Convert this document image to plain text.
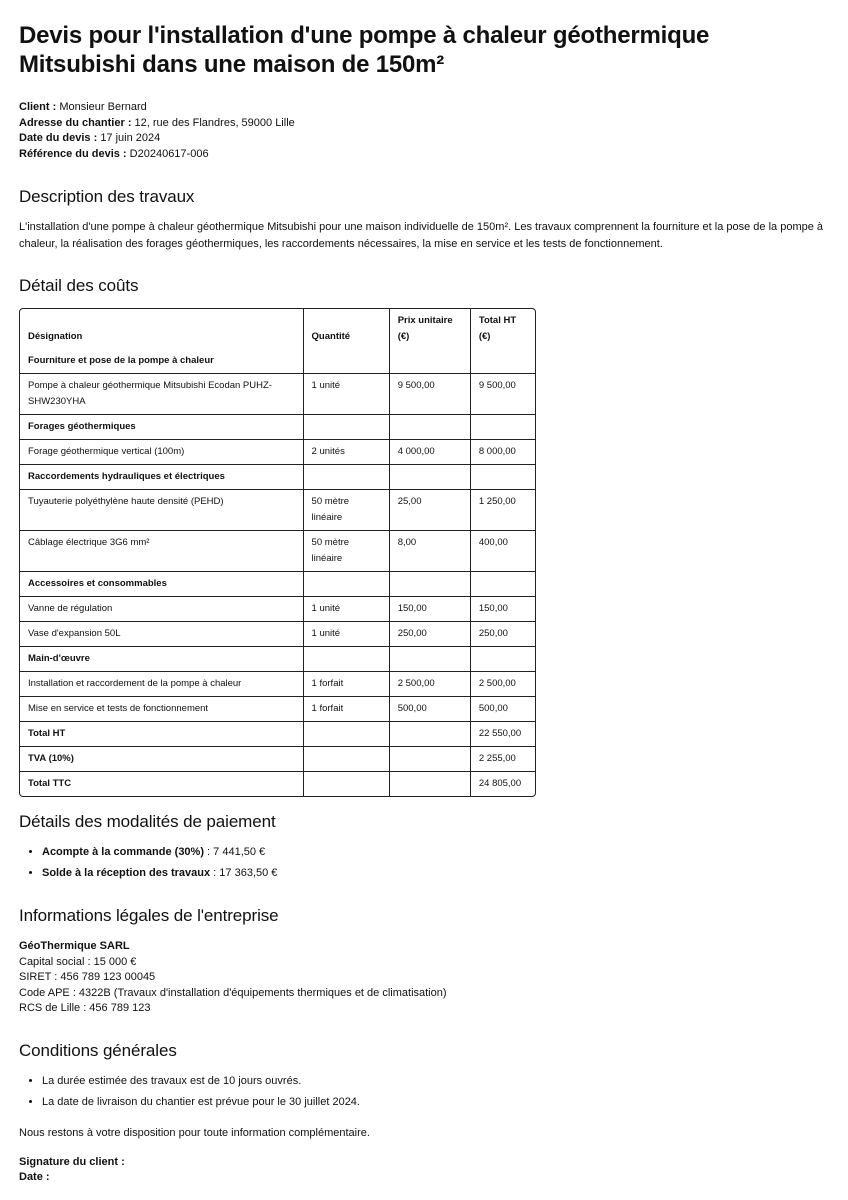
Devis pour l'installation d'une pompe à chaleur géothermique Mitsubishi dans une maison de 150m²
Client : Monsieur Bernard
Adresse du chantier : 12, rue des Flandres, 59000 Lille
Date du devis : 17 juin 2024
Référence du devis : D20240617-006
Description des travaux
L'installation d'une pompe à chaleur géothermique Mitsubishi pour une maison individuelle de 150m². Les travaux comprennent la fourniture et la pose de la pompe à chaleur, la réalisation des forages géothermiques, les raccordements nécessaires, la mise en service et les tests de fonctionnement.
Détail des coûts
Désignation	Quantité	Prix unitaire (€)	Total HT (€)
Fourniture et pose de la pompe à chaleur			
Pompe à chaleur géothermique Mitsubishi Ecodan PUHZ-SHW230YHA	1 unité	9 500,00	9 500,00
Forages géothermiques			
Forage géothermique vertical (100m)	2 unités	4 000,00	8 000,00
Raccordements hydrauliques et électriques			
Tuyauterie polyéthylène haute densité (PEHD)	50 mètre linéaire	25,00	1 250,00
Câblage électrique 3G6 mm²	50 mètre linéaire	8,00	400,00
Accessoires et consommables			
Vanne de régulation	1 unité	150,00	150,00
Vase d'expansion 50L	1 unité	250,00	250,00
Main-d'œuvre			
Installation et raccordement de la pompe à chaleur	1 forfait	2 500,00	2 500,00
Mise en service et tests de fonctionnement	1 forfait	500,00	500,00
Total HT			22 550,00
TVA (10%)			2 255,00
Total TTC			24 805,00
Détails des modalités de paiement
• Acompte à la commande (30%) : 7 441,50 €
• Solde à la réception des travaux : 17 363,50 €
Informations légales de l'entreprise
GéoThermique SARL
Capital social : 15 000 €
SIRET : 456 789 123 00045
Code APE : 4322B (Travaux d'installation d'équipements thermiques et de climatisation)
RCS de Lille : 456 789 123
Conditions générales
• La durée estimée des travaux est de 10 jours ouvrés.
• La date de livraison du chantier est prévue pour le 30 juillet 2024.
Nous restons à votre disposition pour toute information complémentaire.
Signature du client :
Date :
